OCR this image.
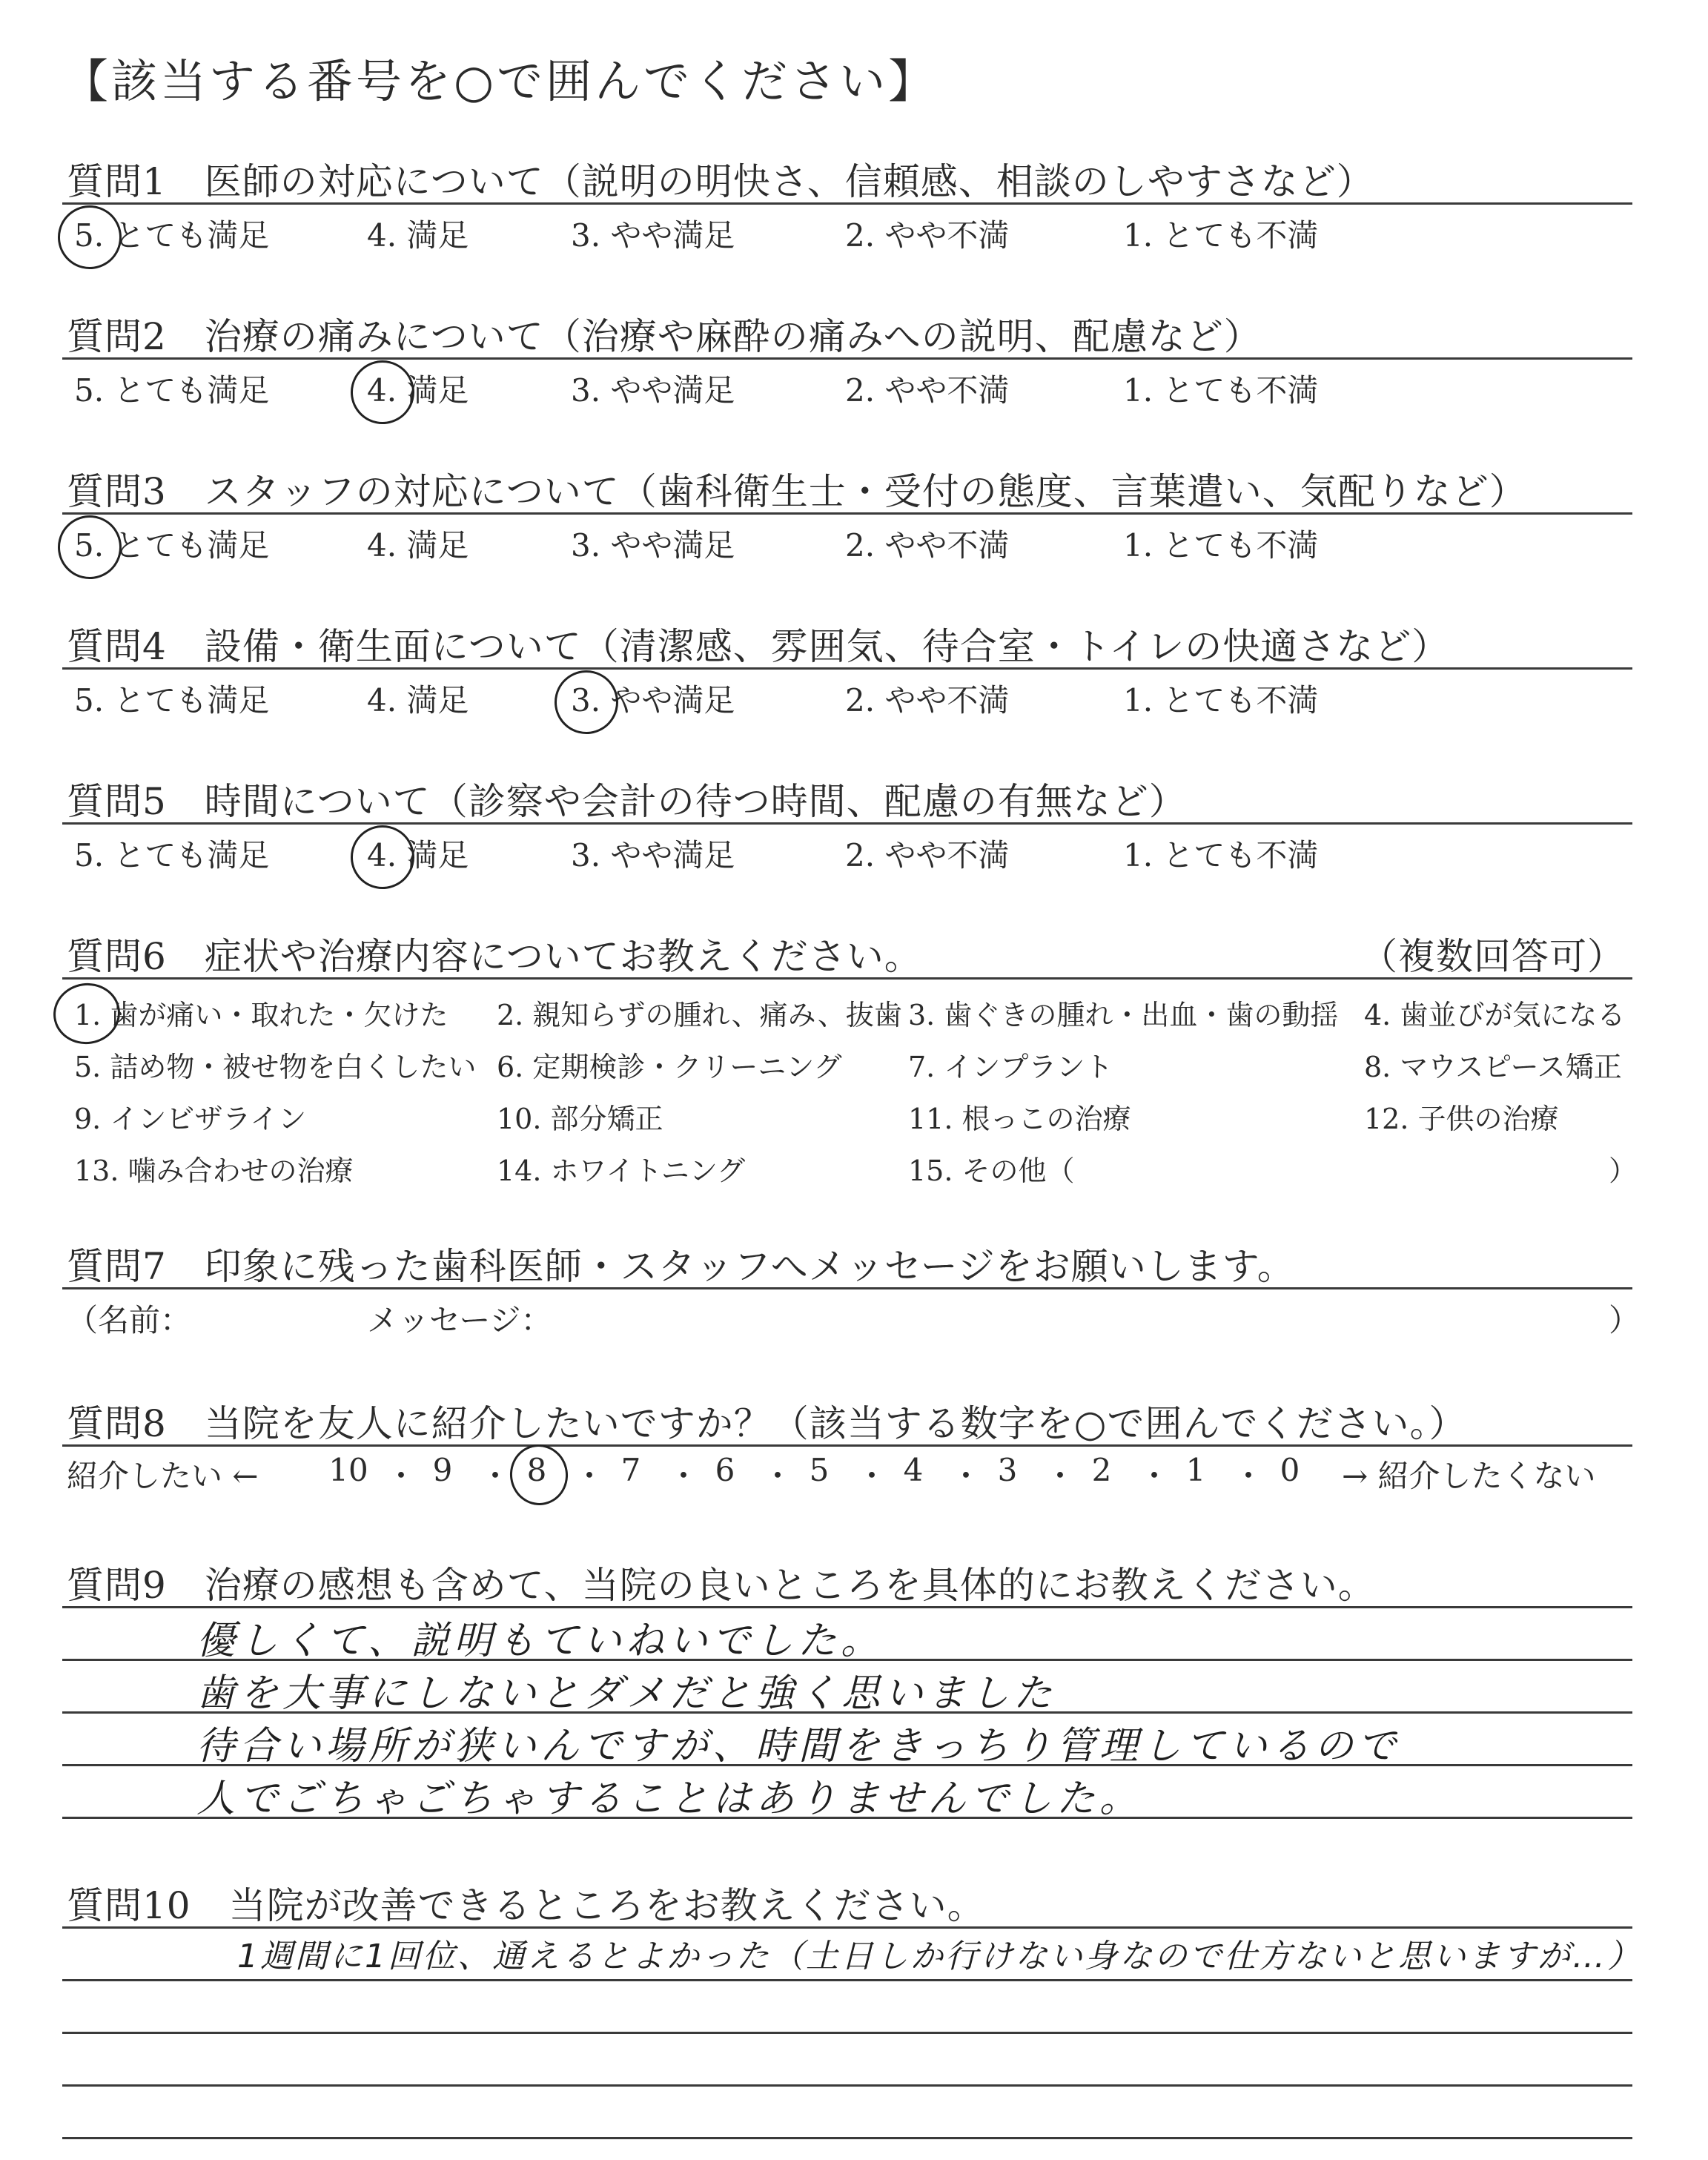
【該当する番号を○で囲んでください】
質問1　医師の対応について（説明の明快さ、信頼感、相談のしやすさなど）
5. とても満足	4. 満足	3. やや満足	2. やや不満	1. とても不満
質問2　治療の痛みについて（治療や麻酔の痛みへの説明、配慮など）
5. とても満足	4. 満足	3. やや満足	2. やや不満	1. とても不満
質問3　スタッフの対応について（歯科衛生士・受付の態度、言葉遣い、気配りなど）
5. とても満足	4. 満足	3. やや満足	2. やや不満	1. とても不満
質問4　設備・衛生面について（清潔感、雰囲気、待合室・トイレの快適さなど）
5. とても満足	4. 満足	3. やや満足	2. やや不満	1. とても不満
質問5　時間について（診察や会計の待つ時間、配慮の有無など）
5. とても満足	4. 満足	3. やや満足	2. やや不満	1. とても不満
質問6　症状や治療内容についてお教えください。	（複数回答可）
1. 歯が痛い・取れた・欠けた 2. 親知らずの腫れ、痛み、抜歯 3. 歯ぐきの腫れ・出血・歯の動揺 4. 歯並びが気になる
5. 詰め物・被せ物を白くしたい 6. 定期検診・クリーニング 7. インプラント	8. マウスピース矯正
9. インビザライン	10. 部分矯正	11. 根っこの治療	12. 子供の治療
13. 噛み合わせの治療	14. ホワイトニング	15. その他（	）
質問7　印象に残った歯科医師・スタッフへメッセージをお願いします。
（名前：	メッセージ：	）
質問8　当院を友人に紹介したいですか？（該当する数字を○で囲んでください。）
紹介したい ← 10 ・ 9 ・ 8 ・ 7 ・ 6 ・ 5 ・ 4 ・ 3 ・ 2 ・ 1 ・ 0	→ 紹介したくない
質問9　治療の感想も含めて、当院の良いところを具体的にお教えください。
優しくて、説明もていねいでした。
歯を大事にしないとダメだと強く思いました
待合い場所が狭いんですが、時間をきっちり管理しているので
人でごちゃごちゃすることはありませんでした。
質問10　当院が改善できるところをお教えください。
1週間に1回位、通えるとよかった（土日しか行けない身なので仕方ないと思いますが…）
